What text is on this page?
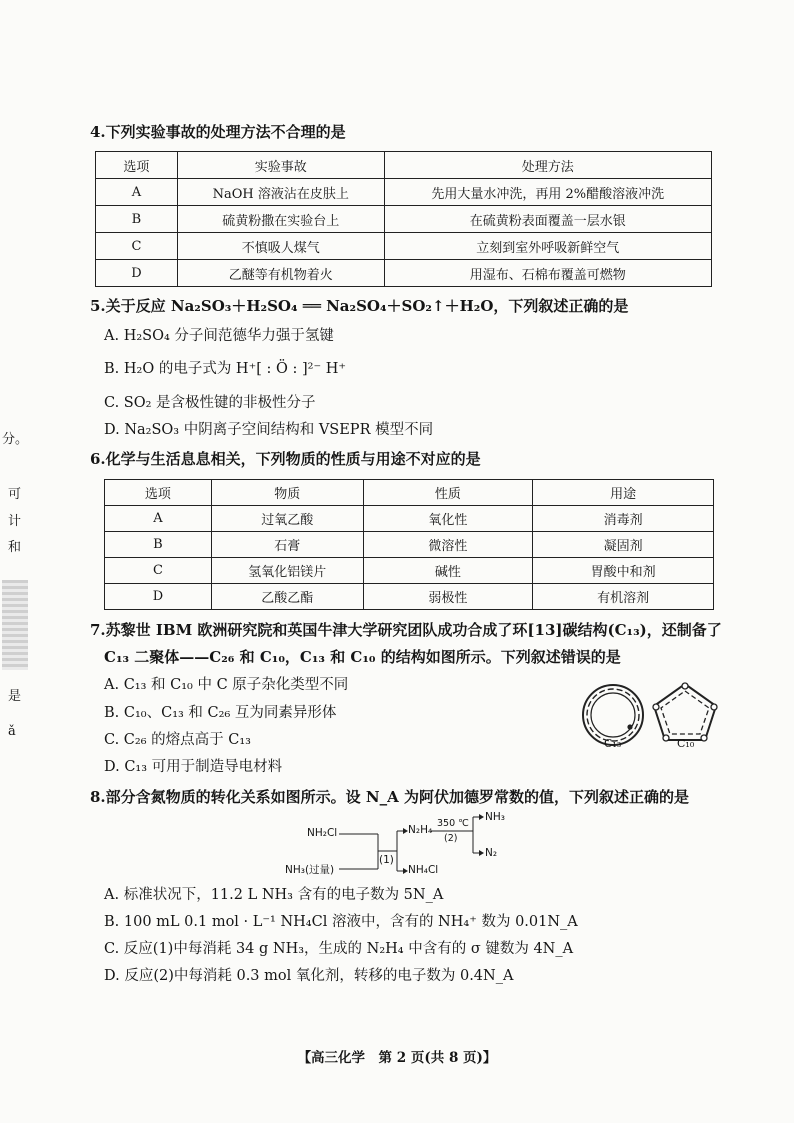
分。
可
计
和
是
ǎ
4.下列实验事故的处理方法不合理的是
选项	实验事故	处理方法
A	NaOH 溶液沾在皮肤上	先用大量水冲洗，再用 2%醋酸溶液冲洗
B	硫黄粉撒在实验台上	在硫黄粉表面覆盖一层水银
C	不慎吸人煤气	立刻到室外呼吸新鲜空气
D	乙醚等有机物着火	用湿布、石棉布覆盖可燃物
5.关于反应 Na₂SO₃＋H₂SO₄ ══ Na₂SO₄＋SO₂↑＋H₂O，下列叙述正确的是
A. H₂SO₄ 分子间范德华力强于氢键
B. H₂O 的电子式为 H⁺[ : Ö : ]²⁻ H⁺
C. SO₂ 是含极性键的非极性分子
D. Na₂SO₃ 中阴离子空间结构和 VSEPR 模型不同
6.化学与生活息息相关，下列物质的性质与用途不对应的是
选项	物质	性质	用途
A	过氧乙酸	氧化性	消毒剂
B	石膏	微溶性	凝固剂
C	氢氧化铝镁片	碱性	胃酸中和剂
D	乙酸乙酯	弱极性	有机溶剂
7.苏黎世 IBM 欧洲研究院和英国牛津大学研究团队成功合成了环[13]碳结构(C₁₃)，还制备了
C₁₃ 二聚体——C₂₆ 和 C₁₀，C₁₃ 和 C₁₀ 的结构如图所示。下列叙述错误的是
A. C₁₃ 和 C₁₀ 中 C 原子杂化类型不同
B. C₁₀、C₁₃ 和 C₂₆ 互为同素异形体
C. C₂₆ 的熔点高于 C₁₃
D. C₁₃ 可用于制造导电材料
C₁₃	C₁₀
8.部分含氮物质的转化关系如图所示。设 N_A 为阿伏加德罗常数的值，下列叙述正确的是
NH₂Cl
NH₃(过量)
(1)
N₂H₄
NH₄Cl
350 ℃
(2)
NH₃
N₂
A. 标准状况下，11.2 L NH₃ 含有的电子数为 5N_A
B. 100 mL 0.1 mol · L⁻¹ NH₄Cl 溶液中，含有的 NH₄⁺ 数为 0.01N_A
C. 反应(1)中每消耗 34 g NH₃，生成的 N₂H₄ 中含有的 σ 键数为 4N_A
D. 反应(2)中每消耗 0.3 mol 氧化剂，转移的电子数为 0.4N_A
【高三化学　第 2 页(共 8 页)】
